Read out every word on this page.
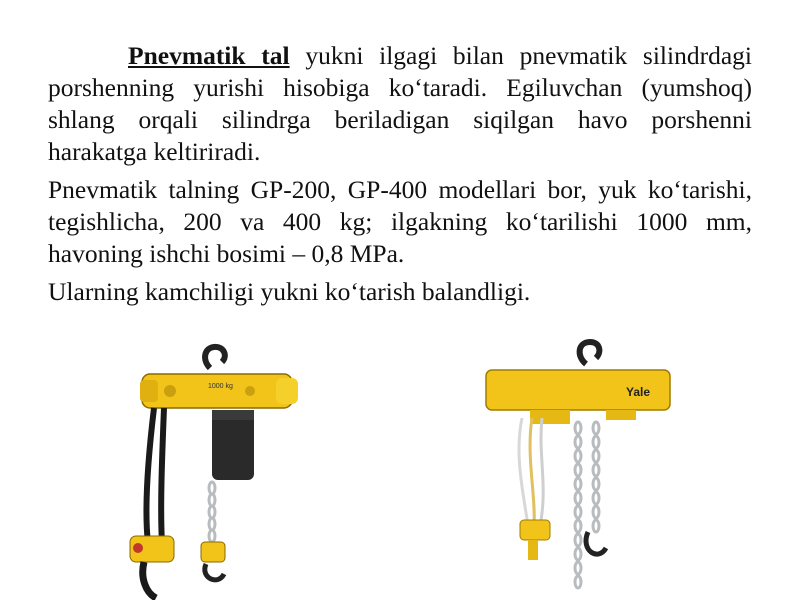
Pnevmatik tal yukni ilgagi bilan pnevmatik silindrdagi porshenning yurishi hisobiga ko‘taradi. Egiluvchan (yumshoq) shlang orqali silindrga beriladigan siqilgan havo porshenni harakatga keltiriradi.

Pnevmatik talning GP-200, GP-400 modellari bor, yuk ko‘tarishi, tegishlicha, 200 va 400 kg; ilgakning ko‘tarilishi 1000 mm, havoning ishchi bosimi – 0,8 MPa.

Ularning kamchiligi yukni ko‘tarish balandligi.

1000 kg	Yale
